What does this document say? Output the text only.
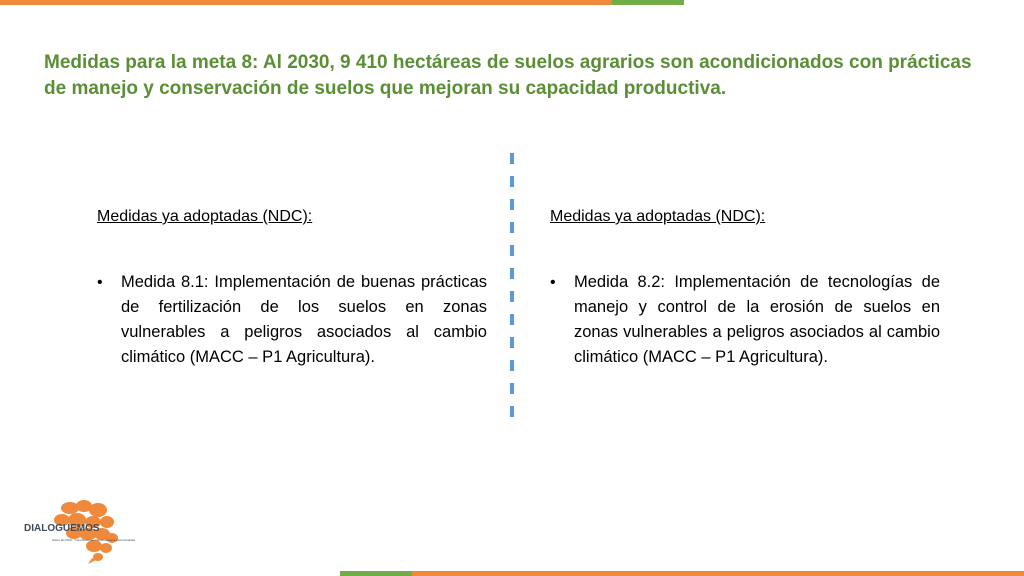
Medidas para la meta 8: Al 2030, 9 410 hectáreas de suelos agrarios son acondicionados con prácticas de manejo y conservación de suelos que mejoran su capacidad productiva.

Medidas ya adoptadas (NDC):

•	Medida 8.1: Implementación de buenas prácticas de fertilización de los suelos en zonas vulnerables a peligros asociados al cambio climático (MACC – P1 Agricultura).

Medidas ya adoptadas (NDC):

•	Medida 8.2: Implementación de tecnologías de manejo y control de la erosión de suelos en zonas vulnerables a peligros asociados al cambio climático (MACC – P1 Agricultura).

DIALOGUEMOS
Sobre las NDC · Contribuciones Nacionalmente Determinadas
